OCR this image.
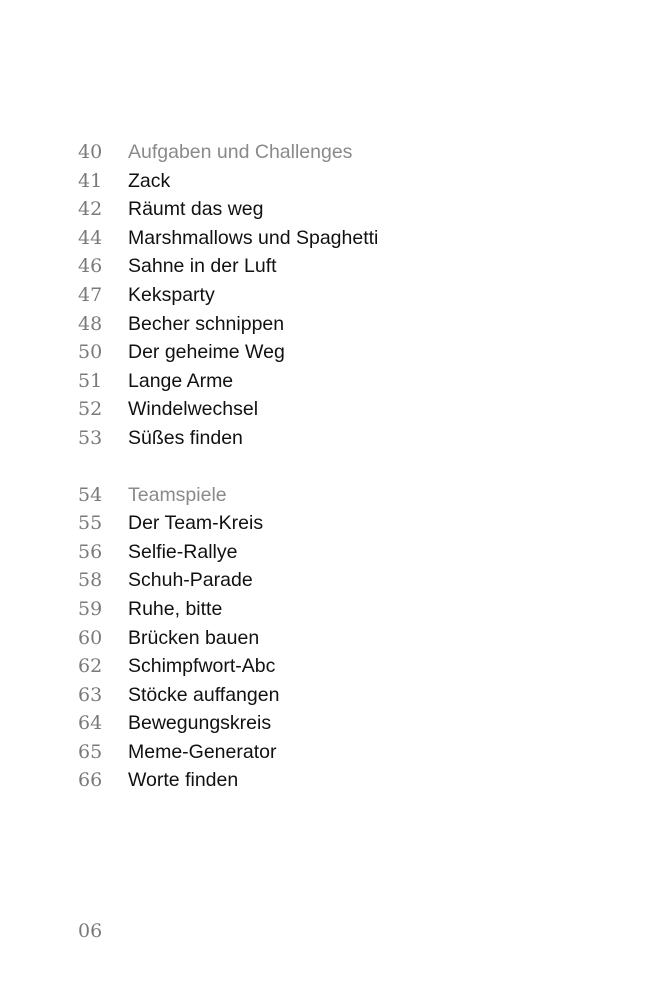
40	Aufgaben und Challenges
41	Zack
42	Räumt das weg
44	Marshmallows und Spaghetti
46	Sahne in der Luft
47	Keksparty
48	Becher schnippen
50	Der geheime Weg
51	Lange Arme
52	Windelwechsel
53	Süßes finden
54	Teamspiele
55	Der Team-Kreis
56	Selfie-Rallye
58	Schuh-Parade
59	Ruhe, bitte
60	Brücken bauen
62	Schimpfwort-Abc
63	Stöcke auffangen
64	Bewegungskreis
65	Meme-Generator
66	Worte finden
06
